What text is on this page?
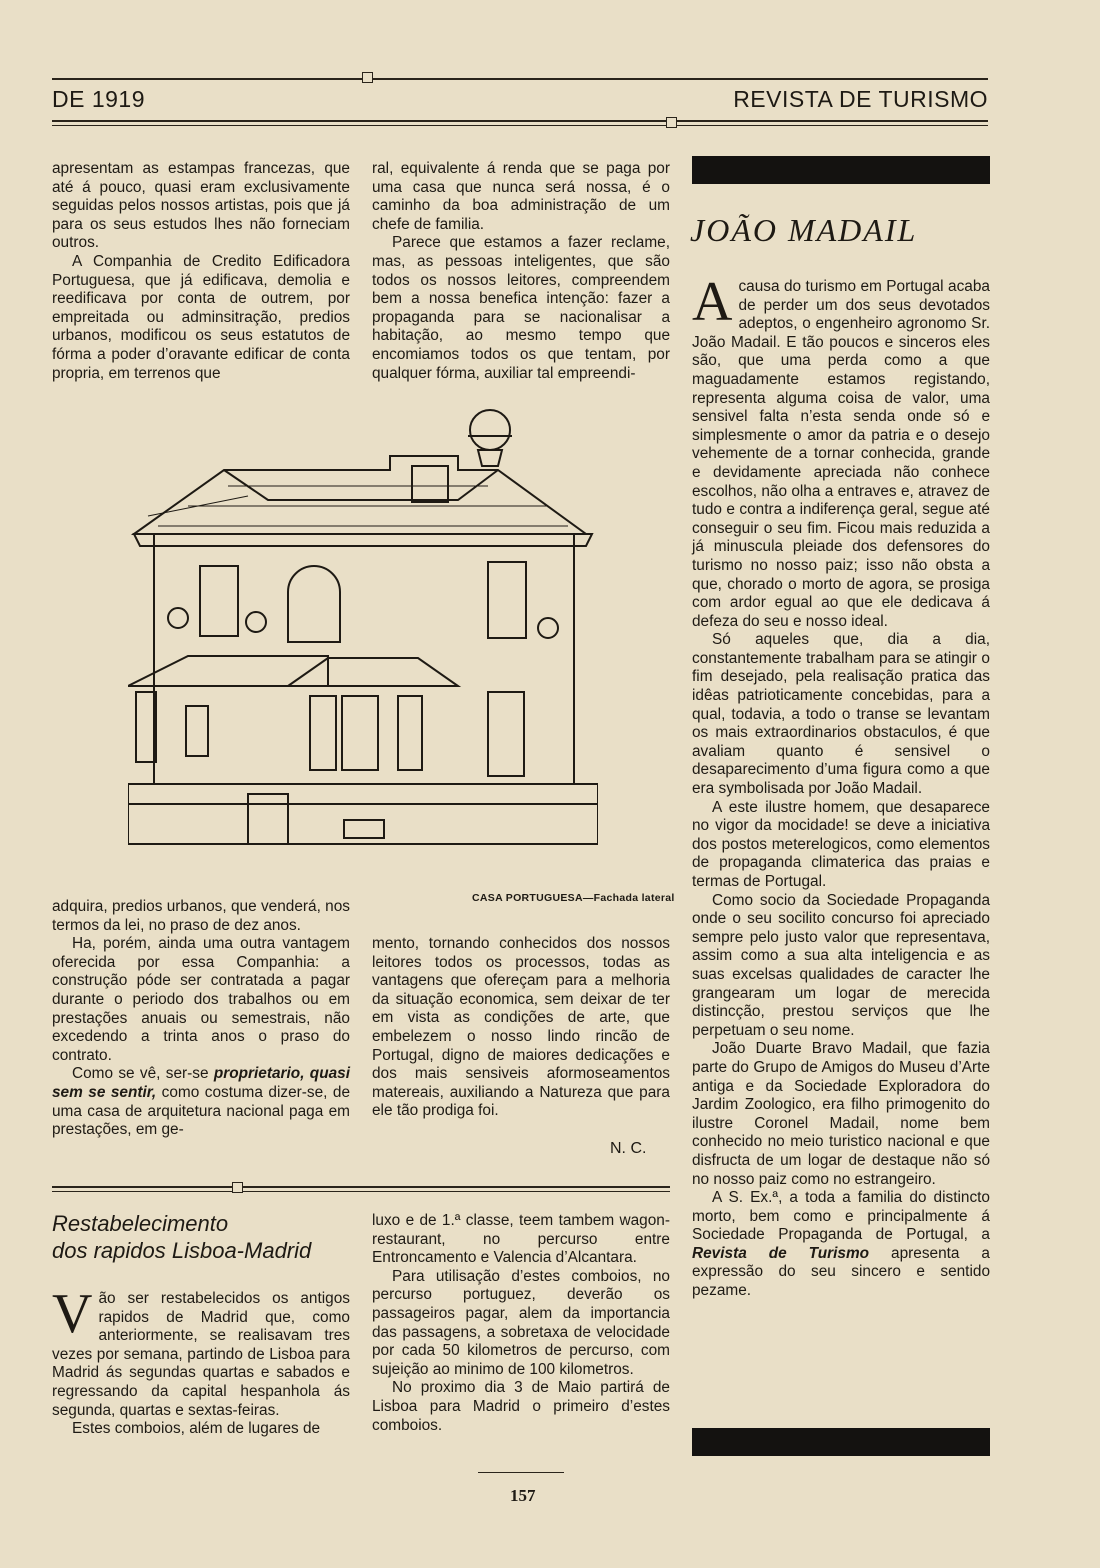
DE 1919	REVISTA DE TURISMO

apresentam as estampas francezas, que até á pouco, quasi eram exclusivamente seguidas pelos nossos artistas, pois que já para os seus estudos lhes não forneciam outros.

A Companhia de Credito Edificadora Portuguesa, que já edificava, demolia e reedificava por conta de outrem, por empreitada ou adminsitração, predios urbanos, modificou os seus estatutos de fórma a poder d’oravante edificar de conta propria, em terrenos que

ral, equivalente á renda que se paga por uma casa que nunca será nossa, é o caminho da boa administração de um chefe de familia.

Parece que estamos a fazer reclame, mas, as pessoas inteligentes, que são todos os nossos leitores, compreendem bem a nossa benefica intenção: fazer a propaganda para se nacionalisar a habitação, ao mesmo tempo que encomiamos todos os que tentam, por qualquer fórma, auxiliar tal empreendi-

CASA PORTUGUESA—Fachada lateral

adquira, predios urbanos, que venderá, nos termos da lei, no praso de dez anos.

Ha, porém, ainda uma outra vantagem oferecida por essa Companhia: a construção póde ser contratada a pagar durante o periodo dos trabalhos ou em prestações anuais ou semestrais, não excedendo a trinta anos o praso do contrato.

Como se vê, ser-se proprietario, quasi sem se sentir, como costuma dizer-se, de uma casa de arquitetura nacional paga em prestações, em ge-

mento, tornando conhecidos dos nossos leitores todos os processos, todas as vantagens que ofereçam para a melhoria da situação economica, sem deixar de ter em vista as condições de arte, que embelezem o nosso lindo rincão de Portugal, digno de maiores dedicações e dos mais sensiveis aformoseamentos matereais, auxiliando a Natureza que para ele tão prodiga foi.

N. C.
JOÃO MADAIL

Acausa do turismo em Portugal acaba de perder um dos seus devotados adeptos, o engenheiro agronomo Sr. João Madail. E tão poucos e sinceros eles são, que uma perda como a que maguadamente estamos registando, representa alguma coisa de valor, uma sensivel falta n’esta senda onde só e simplesmente o amor da patria e o desejo vehemente de a tornar conhecida, grande e devidamente apreciada não conhece escolhos, não olha a entraves e, atravez de tudo e contra a indiferença geral, segue até conseguir o seu fim. Ficou mais reduzida a já minuscula pleiade dos defensores do turismo no nosso paiz; isso não obsta a que, chorado o morto de agora, se prosiga com ardor egual ao que ele dedicava á defeza do seu e nosso ideal.

Só aqueles que, dia a dia, constantemente trabalham para se atingir o fim desejado, pela realisação pratica das idêas patrioticamente concebidas, para a qual, todavia, a todo o transe se levantam os mais extraordinarios obstaculos, é que avaliam quanto é sensivel o desaparecimento d’uma figura como a que era symbolisada por João Madail.

A este ilustre homem, que desaparece no vigor da mocidade! se deve a iniciativa dos postos meterelogicos, como elementos de propaganda climaterica das praias e termas de Portugal.

Como socio da Sociedade Propaganda onde o seu socilito concurso foi apreciado sempre pelo justo valor que representava, assim como a sua alta inteligencia e as suas excelsas qualidades de caracter lhe grangearam um logar de merecida distincção, prestou serviços que lhe perpetuam o seu nome.

João Duarte Bravo Madail, que fazia parte do Grupo de Amigos do Museu d’Arte antiga e da Sociedade Exploradora do Jardim Zoologico, era filho primogenito do ilustre Coronel Madail, nome bem conhecido no meio turistico nacional e que disfructa de um logar de destaque não só no nosso paiz como no estrangeiro.

A S. Ex.ª, a toda a familia do distincto morto, bem como e principalmente á Sociedade Propaganda de Portugal, a Revista de Turismo apresenta a expressão do seu sincero e sentido pezame.

Restabelecimento
dos rapidos Lisboa-Madrid

Vão ser restabelecidos os antigos rapidos de Madrid que, como anteriormente, se realisavam tres vezes por semana, partindo de Lisboa para Madrid ás segundas quartas e sabados e regressando da capital hespanhola ás segunda, quartas e sextas-feiras.

Estes comboios, além de lugares de

luxo e de 1.ª classe, teem tambem wagon-restaurant, no percurso entre Entroncamento e Valencia d’Alcantara.

Para utilisação d’estes comboios, no percurso portuguez, deverão os passageiros pagar, alem da importancia das passagens, a sobretaxa de velocidade por cada 50 kilometros de percurso, com sujeição ao minimo de 100 kilometros.

No proximo dia 3 de Maio partirá de Lisboa para Madrid o primeiro d’estes comboios.

157
